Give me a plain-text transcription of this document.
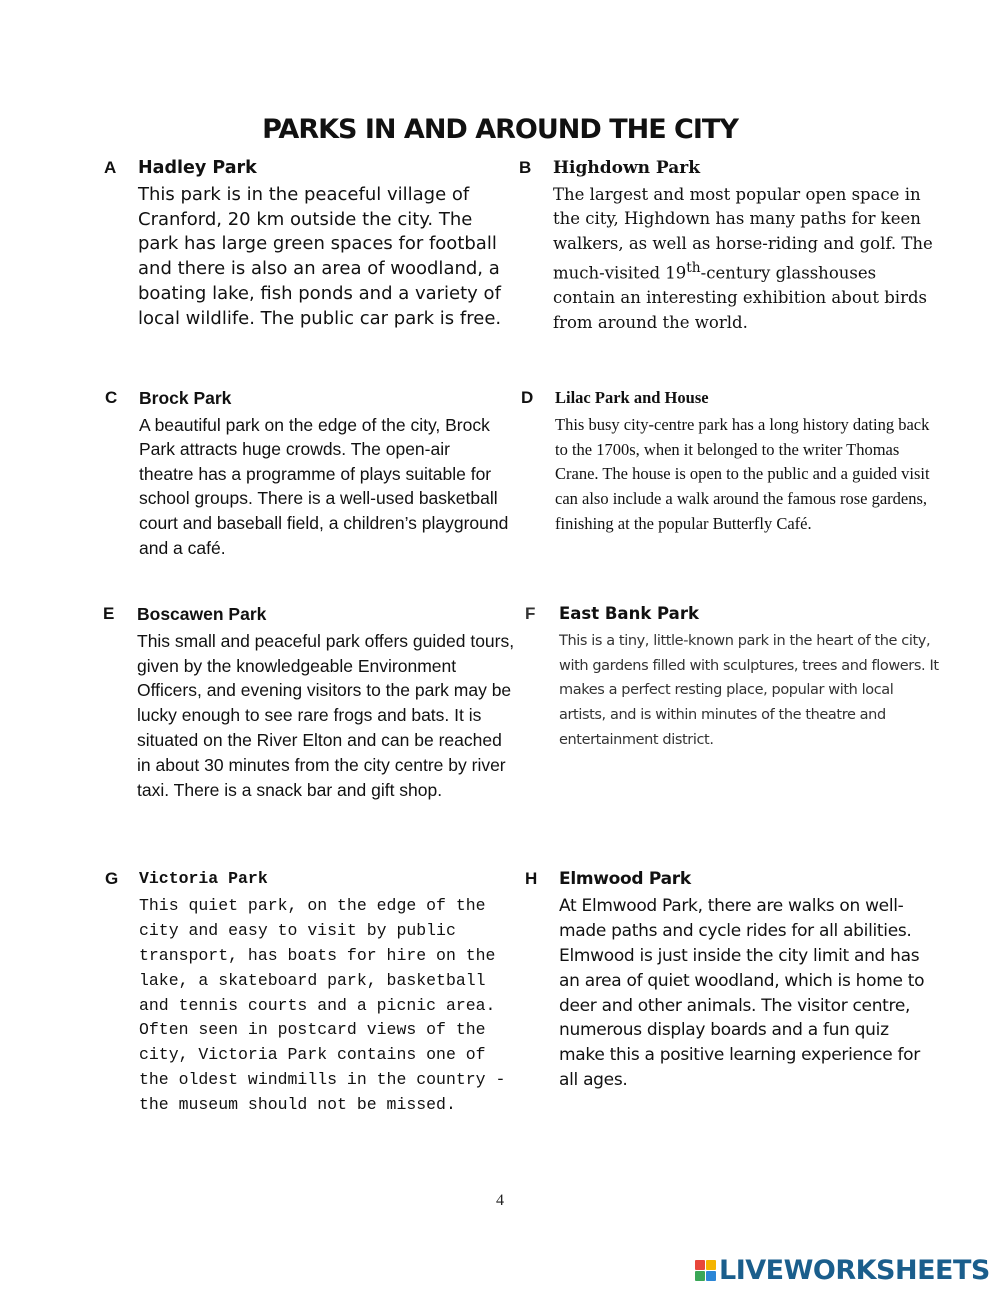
PARKS IN AND AROUND THE CITY
A Hadley Park

This park is in the peaceful village of Cranford, 20 km outside the city. The park has large green spaces for football and there is also an area of woodland, a boating lake, fish ponds and a variety of local wildlife. The public car park is free.

B Highdown Park

The largest and most popular open space in the city, Highdown has many paths for keen walkers, as well as horse-riding and golf. The much-visited 19th-century glasshouses contain an interesting exhibition about birds from around the world.

C Brock Park

A beautiful park on the edge of the city, Brock Park attracts huge crowds. The open-air theatre has a programme of plays suitable for school groups. There is a well-used basketball court and baseball field, a children’s playground and a café.

D Lilac Park and House

This busy city-centre park has a long history dating back to the 1700s, when it belonged to the writer Thomas Crane. The house is open to the public and a guided visit can also include a walk around the famous rose gardens, finishing at the popular Butterfly Café.

E Boscawen Park

This small and peaceful park offers guided tours, given by the knowledgeable Environment Officers, and evening visitors to the park may be lucky enough to see rare frogs and bats. It is situated on the River Elton and can be reached in about 30 minutes from the city centre by river taxi. There is a snack bar and gift shop.

F East Bank Park

This is a tiny, little-known park in the heart of the city, with gardens filled with sculptures, trees and flowers. It makes a perfect resting place, popular with local artists, and is within minutes of the theatre and entertainment district.

G Victoria Park

This quiet park, on the edge of the city and easy to visit by public transport, has boats for hire on the lake, a skateboard park, basketball and tennis courts and a picnic area. Often seen in postcard views of the city, Victoria Park contains one of the oldest windmills in the country - the museum should not be missed.

H Elmwood Park

At Elmwood Park, there are walks on well-made paths and cycle rides for all abilities. Elmwood is just inside the city limit and has an area of quiet woodland, which is home to deer and other animals. The visitor centre, numerous display boards and a fun quiz make this a positive learning experience for all ages.

4
LIVEWORKSHEETS
